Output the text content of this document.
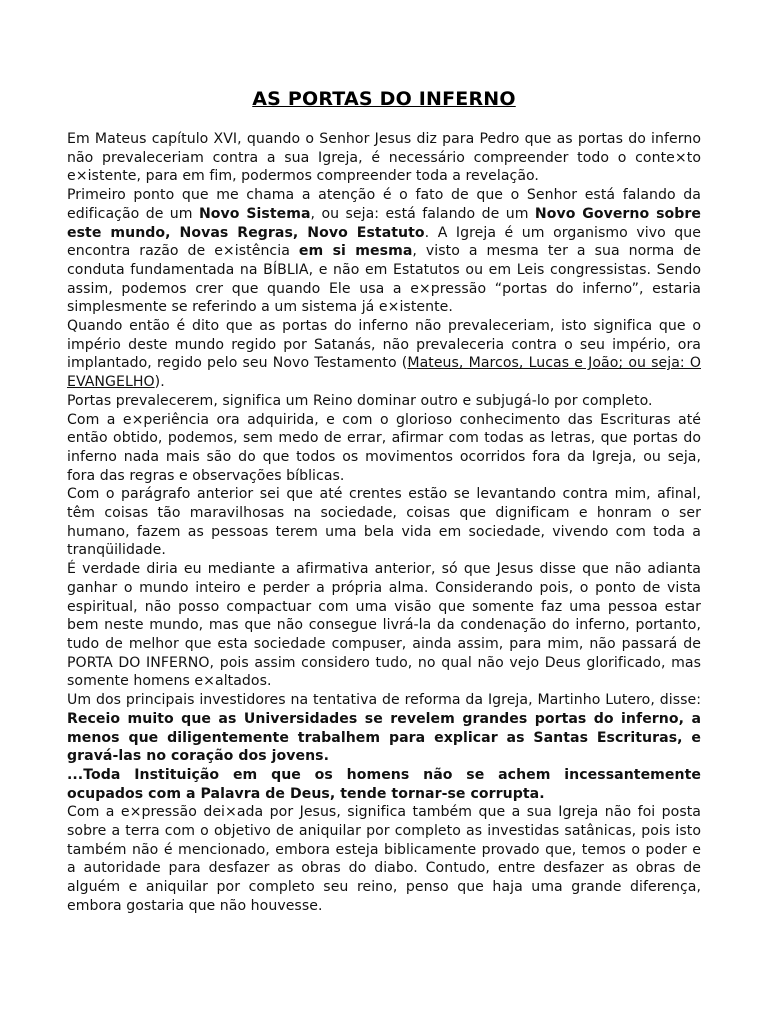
AS PORTAS DO INFERNO

Em Mateus capítulo XVI, quando o Senhor Jesus diz para Pedro que as portas do inferno não prevaleceriam contra a sua Igreja, é necessário compreender todo o conte×to e×istente, para em fim, podermos compreender toda a revelação.

Primeiro ponto que me chama a atenção é o fato de que o Senhor está falando da edificação de um Novo Sistema, ou seja: está falando de um Novo Governo sobre este mundo, Novas Regras, Novo Estatuto. A Igreja é um organismo vivo que encontra razão de e×istência em si mesma, visto a mesma ter a sua norma de conduta fundamentada na BÍBLIA, e não em Estatutos ou em Leis congressistas. Sendo assim, podemos crer que quando Ele usa a e×pressão “portas do inferno”, estaria simplesmente se referindo a um sistema já e×istente.

Quando então é dito que as portas do inferno não prevaleceriam, isto significa que o império deste mundo regido por Satanás, não prevaleceria contra o seu império, ora implantado, regido pelo seu Novo Testamento (Mateus, Marcos, Lucas e João; ou seja: O EVANGELHO).

Portas prevalecerem, significa um Reino dominar outro e subjugá-lo por completo.

Com a e×periência ora adquirida, e com o glorioso conhecimento das Escrituras até então obtido, podemos, sem medo de errar, afirmar com todas as letras, que portas do inferno nada mais são do que todos os movimentos ocorridos fora da Igreja, ou seja, fora das regras e observações bíblicas.

Com o parágrafo anterior sei que até crentes estão se levantando contra mim, afinal, têm coisas tão maravilhosas na sociedade, coisas que dignificam e honram o ser humano, fazem as pessoas terem uma bela vida em sociedade, vivendo com toda a tranqüilidade.

É verdade diria eu mediante a afirmativa anterior, só que Jesus disse que não adianta ganhar o mundo inteiro e perder a própria alma. Considerando pois, o ponto de vista espiritual, não posso compactuar com uma visão que somente faz uma pessoa estar bem neste mundo, mas que não consegue livrá-la da condenação do inferno, portanto, tudo de melhor que esta sociedade compuser, ainda assim, para mim, não passará de PORTA DO INFERNO, pois assim considero tudo, no qual não vejo Deus glorificado, mas somente homens e×altados.

Um dos principais investidores na tentativa de reforma da Igreja, Martinho Lutero, disse: Receio muito que as Universidades se revelem grandes portas do inferno, a menos que diligentemente trabalhem para explicar as Santas Escrituras, e gravá-las no coração dos jovens.

...Toda Instituição em que os homens não se achem incessantemente ocupados com a Palavra de Deus, tende tornar-se corrupta.

Com a e×pressão dei×ada por Jesus, significa também que a sua Igreja não foi posta sobre a terra com o objetivo de aniquilar por completo as investidas satânicas, pois isto também não é mencionado, embora esteja biblicamente provado que, temos o poder e a autoridade para desfazer as obras do diabo. Contudo, entre desfazer as obras de alguém e aniquilar por completo seu reino, penso que haja uma grande diferença, embora gostaria que não houvesse.
